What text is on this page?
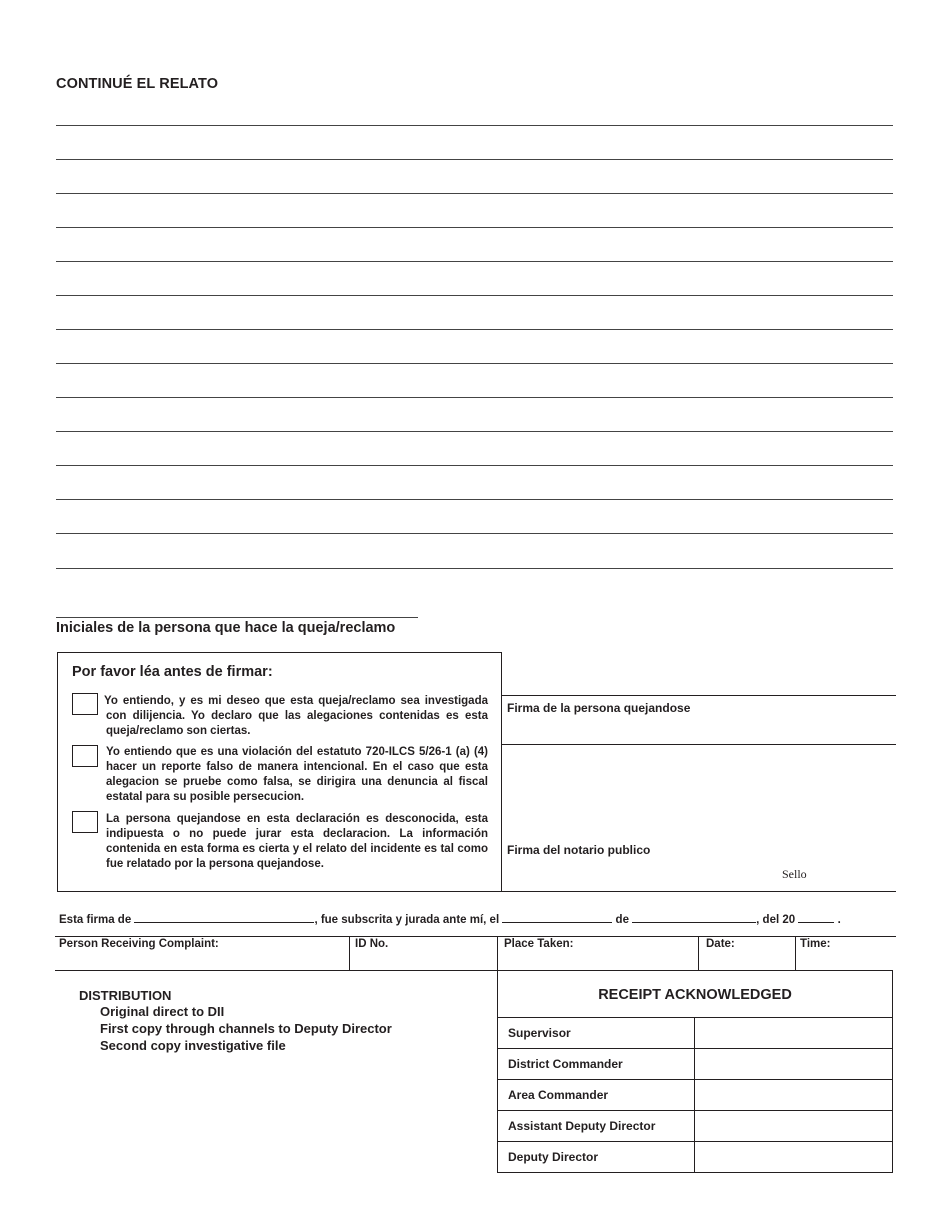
CONTINUÉ EL RELATO
Iniciales de la persona que hace la queja/reclamo
Por favor léa antes de firmar:
Yo entiendo, y es mi deseo que esta queja/reclamo sea investigada con dilijencia. Yo declaro que las alegaciones contenidas es esta queja/reclamo son ciertas.
Yo entiendo que es una violación del estatuto 720-ILCS 5/26-1 (a) (4) hacer un reporte falso de manera intencional. En el caso que esta alegacion se pruebe como falsa, se dirigira una denuncia al fiscal estatal para su posible persecucion.
La persona quejandose en esta declaración es desconocida, esta indipuesta o no puede jurar esta declaracion. La información contenida en esta forma es cierta y el relato del incidente es tal como fue relatado por la persona quejandose.
Firma de la persona quejandose
Firma del notario publico
Sello
Esta firma de	, fue subscrita y jurada ante mí, el	de	, del 20	.
Person Receiving Complaint:	ID No.	Place Taken:	Date:	Time:
DISTRIBUTION
Original direct to DII
First copy through channels to Deputy Director
Second copy investigative file
RECEIPT ACKNOWLEDGED
Supervisor
District Commander
Area Commander
Assistant Deputy Director
Deputy Director
